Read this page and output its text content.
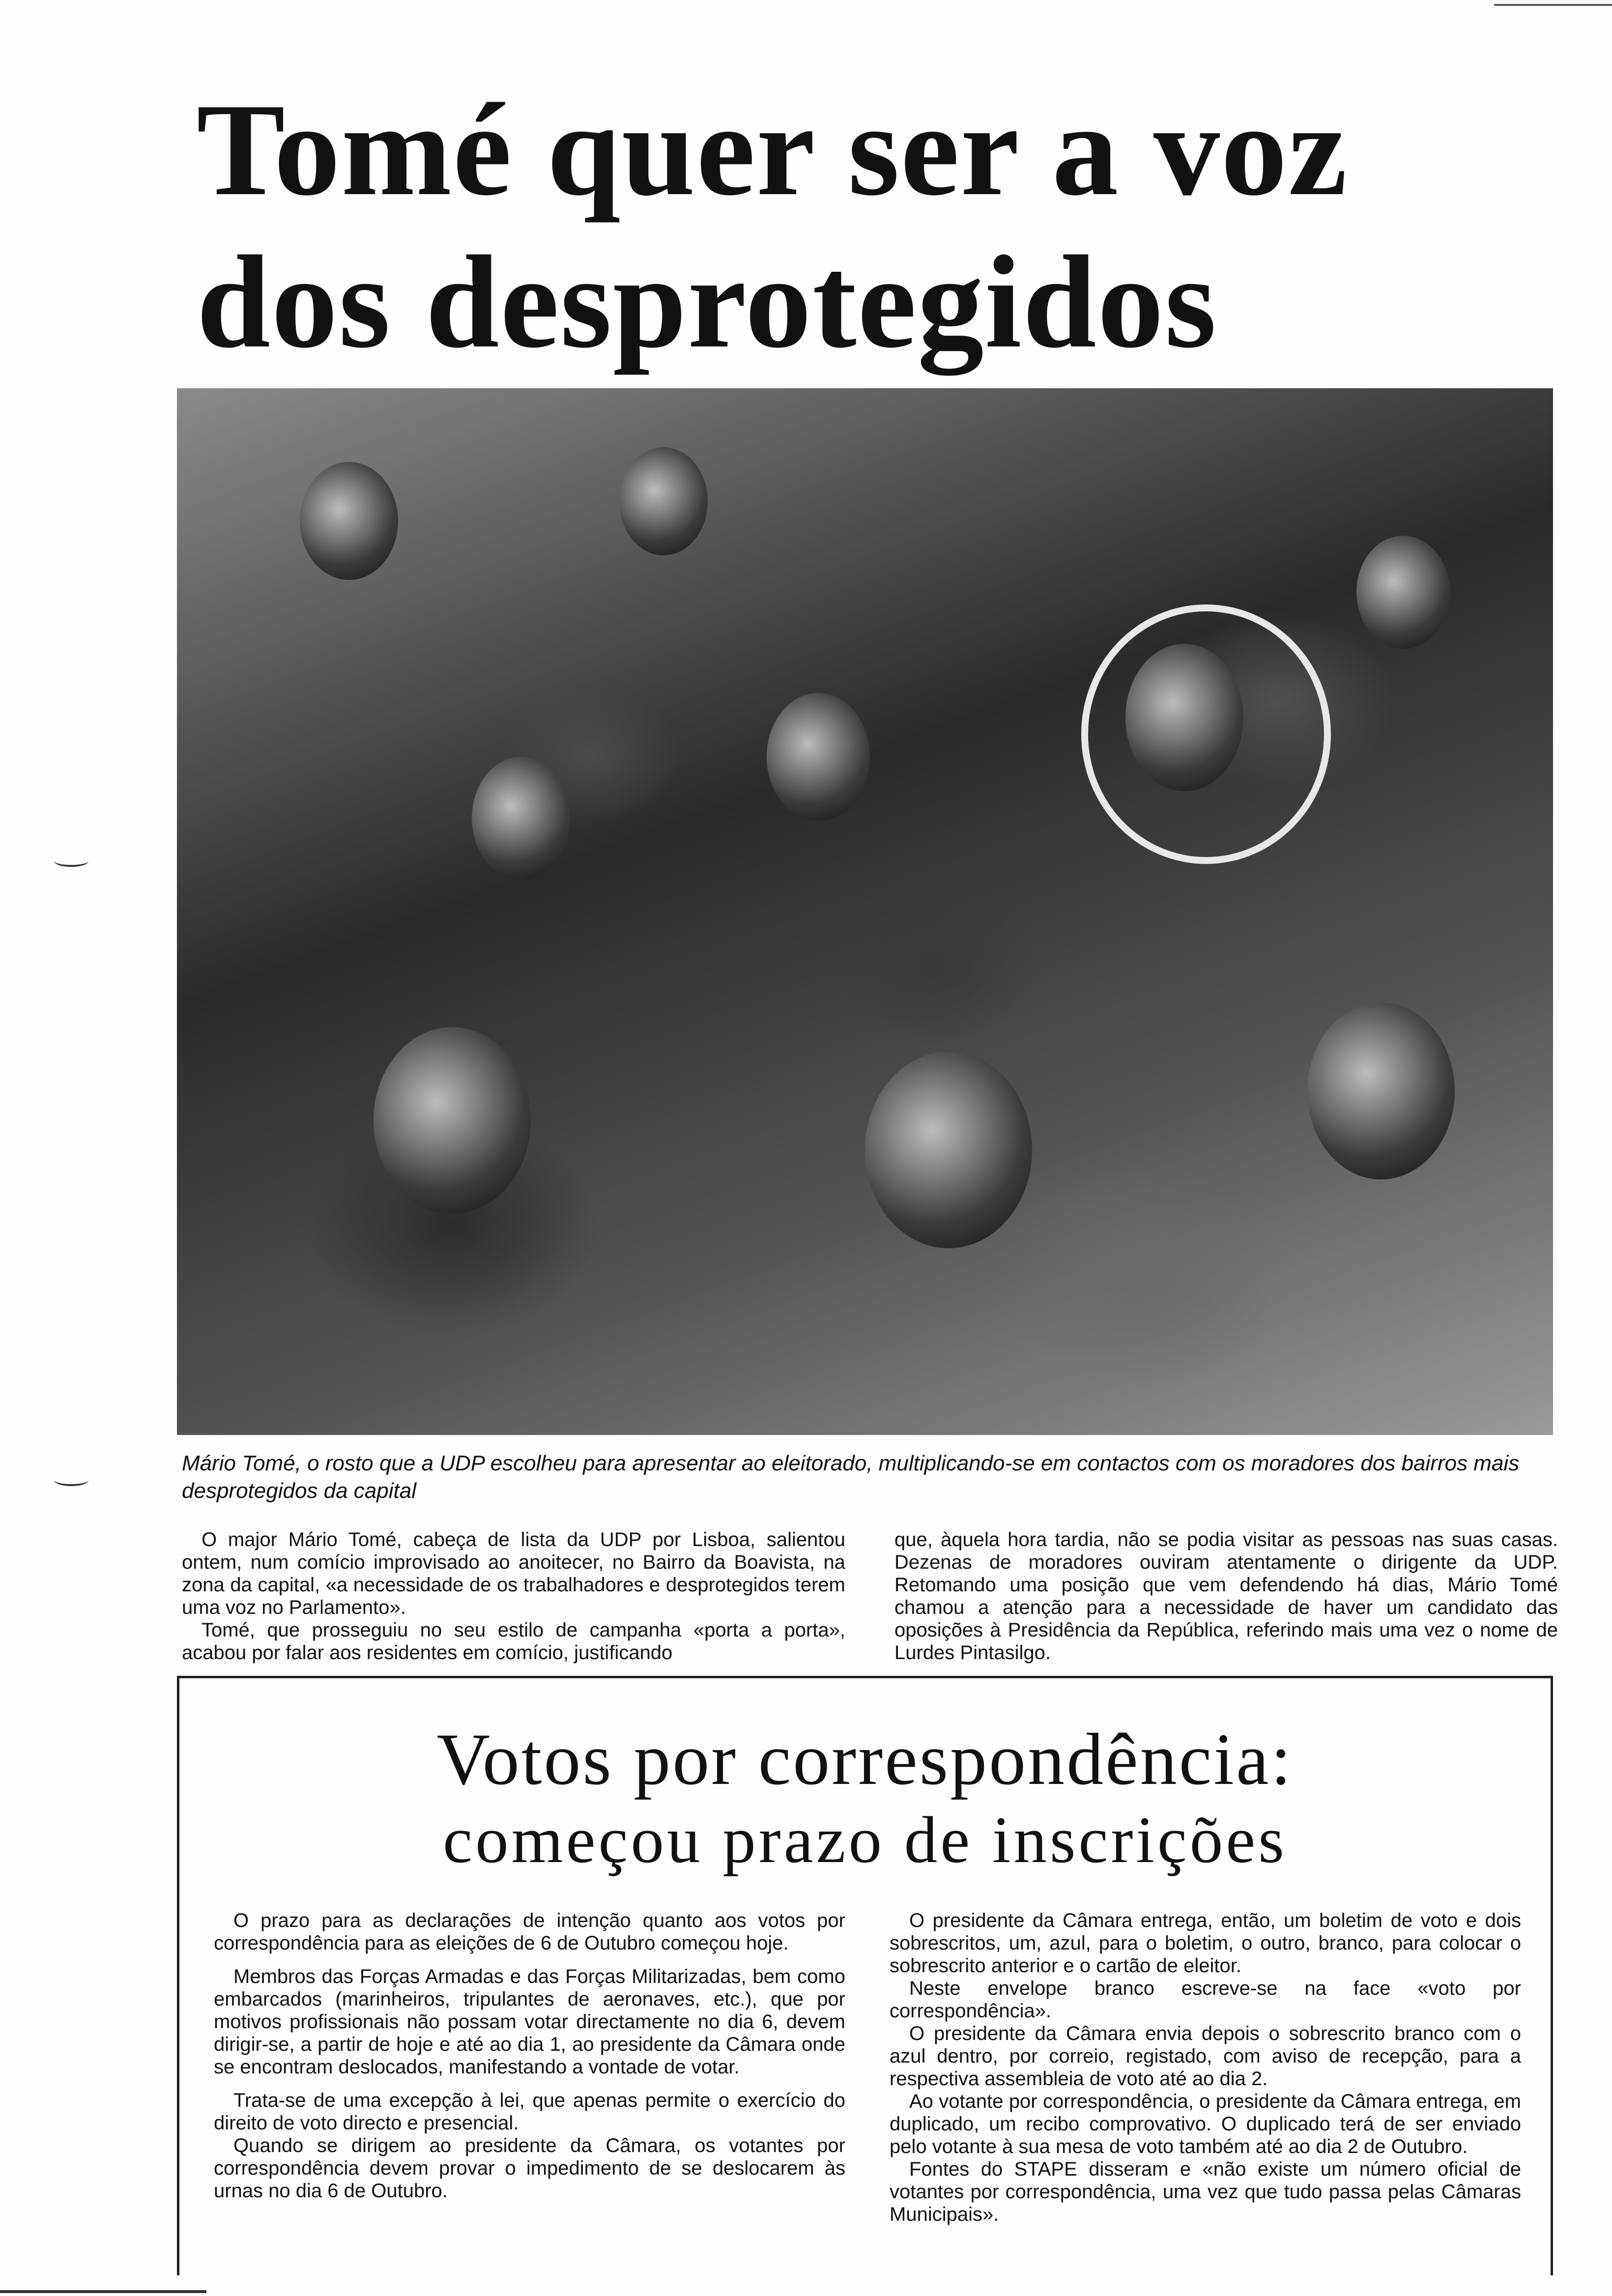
Tomé quer ser a voz
dos desprotegidos

Mário Tomé, o rosto que a UDP escolheu para apresentar ao eleitorado, multiplicando-se em contactos com os moradores dos bairros mais desprotegidos da capital

O major Mário Tomé, cabeça de lista da UDP por Lisboa, salientou ontem, num comício improvisado ao anoitecer, no Bairro da Boavista, na zona da capital, «a necessidade de os trabalhadores e desprotegidos terem uma voz no Parlamento».

Tomé, que prosseguiu no seu estilo de campanha «porta a porta», acabou por falar aos residentes em comício, justificando

que, àquela hora tardia, não se podia visitar as pessoas nas suas casas. Dezenas de moradores ouviram atentamente o dirigente da UDP. Retomando uma posição que vem defendendo há dias, Mário Tomé chamou a atenção para a necessidade de haver um candidato das oposições à Presidência da República, referindo mais uma vez o nome de Lurdes Pintasilgo.

Votos por correspondência:
começou prazo de inscrições

O prazo para as declarações de intenção quanto aos votos por correspondência para as eleições de 6 de Outubro começou hoje.

Membros das Forças Armadas e das Forças Militarizadas, bem como embarcados (marinheiros, tripulantes de aeronaves, etc.), que por motivos profissionais não possam votar directamente no dia 6, devem dirigir-se, a partir de hoje e até ao dia 1, ao presidente da Câmara onde se encontram deslocados, manifestando a vontade de votar.

Trata-se de uma excepção à lei, que apenas permite o exercício do direito de voto directo e presencial.

Quando se dirigem ao presidente da Câmara, os votantes por correspondência devem provar o impedimento de se deslocarem às urnas no dia 6 de Outubro.

O presidente da Câmara entrega, então, um boletim de voto e dois sobrescritos, um, azul, para o boletim, o outro, branco, para colocar o sobrescrito anterior e o cartão de eleitor.

Neste envelope branco escreve-se na face «voto por correspondência».

O presidente da Câmara envia depois o sobrescrito branco com o azul dentro, por correio, registado, com aviso de recepção, para a respectiva assembleia de voto até ao dia 2.

Ao votante por correspondência, o presidente da Câmara entrega, em duplicado, um recibo comprovativo. O duplicado terá de ser enviado pelo votante à sua mesa de voto também até ao dia 2 de Outubro.

Fontes do STAPE disseram e «não existe um número oficial de votantes por correspondência, uma vez que tudo passa pelas Câmaras Municipais».
